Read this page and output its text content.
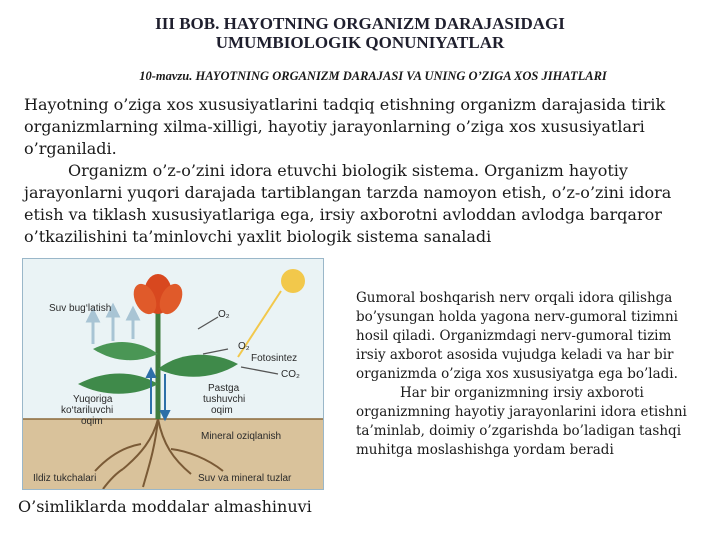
III BOB. HAYOTNING ORGANIZM DARAJASIDAGI UMUMBIOLOGIK QONUNIYATLAR
10-mavzu. HAYOTNING ORGANIZM DARAJASI VA UNING O’ZIGA XOS JIHATLARI

Hayotning o’ziga xos xususiyatlarini tadqiq etishning organizm darajasida tirik organizmlarning xilma-xilligi, hayotiy jarayonlarning o’ziga xos xususiyatlari o’rganiladi.

Organizm o’z-o’zini idora etuvchi biologik sistema. Organizm hayotiy jarayonlarni yuqori darajada tartiblangan tarzda namoyon etish, o’z-o’zini idora etish va tiklash xususiyatlariga ega, irsiy axborotni avloddan avlodga barqaror o’tkazilishini ta’minlovchi yaxlit biologik sistema sanaladi

Suv bug‘latish
O₂
O₂
Fotosintez
CO₂
Yuqoriga
ko‘tariluvchi
oqim
Pastga
tushuvchi
oqim
Mineral oziqlanish
Ildiz tukchalari	Suv va mineral tuzlar
O’simliklarda moddalar almashinuvi

Gumoral boshqarish nerv orqali idora qilishga bo’ysungan holda yagona nerv-gumoral tizimni hosil qiladi. Organizmdagi nerv-gumoral tizim irsiy axborot asosida vujudga keladi va har bir organizmda o’ziga xos xususiyatga ega bo’ladi.

Har bir organizmning irsiy axboroti organizmning hayotiy jarayonlarini idora etishni ta’minlab, doimiy o’zgarishda bo’ladigan tashqi muhitga moslashishga yordam beradi
